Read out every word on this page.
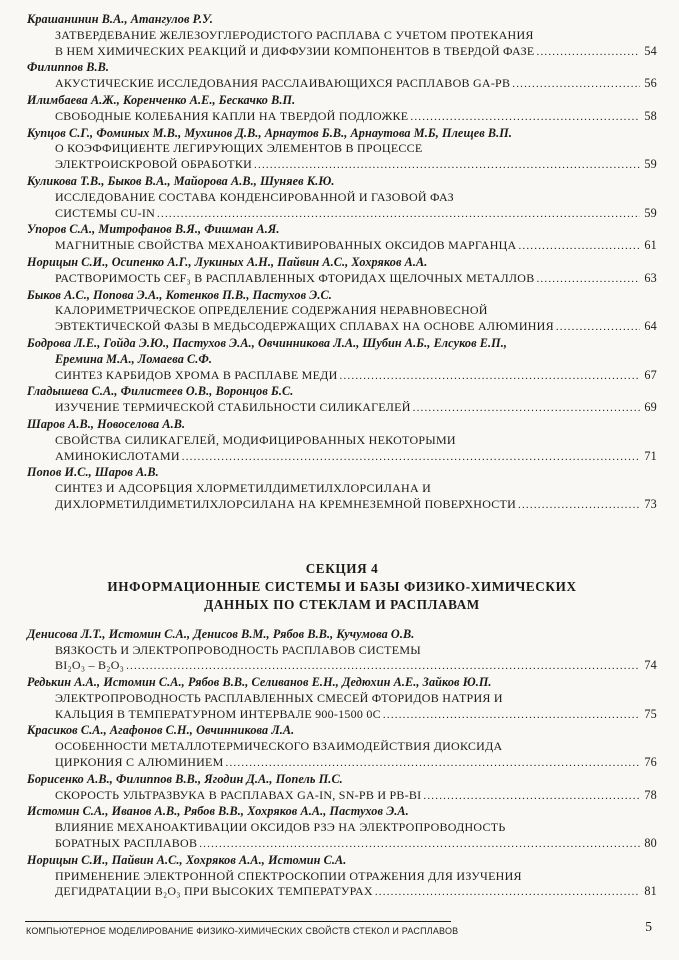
Крашанинин В.А., Атангулов Р.У.
ЗАТВЕРДЕВАНИЕ ЖЕЛЕЗОУГЛЕРОДИСТОГО РАСПЛАВА С УЧЕТОМ ПРОТЕКАНИЯ
В НЕМ ХИМИЧЕСКИХ РЕАКЦИЙ И ДИФФУЗИИ КОМПОНЕНТОВ В ТВЕРДОЙ ФАЗЕ .....	54
Филиппов В.В.
АКУСТИЧЕСКИЕ ИССЛЕДОВАНИЯ РАССЛАИВАЮЩИХСЯ РАСПЛАВОВ GA-PB .....	56
Илимбаева А.Ж., Коренченко А.Е., Бескачко В.П.
СВОБОДНЫЕ КОЛЕБАНИЯ КАПЛИ НА ТВЕРДОЙ ПОДЛОЖКЕ .....	58
Купцов С.Г., Фоминых М.В., Мухинов Д.В., Арнаутов Б.В., Арнаутова М.Б, Плещев В.П.
О КОЭФФИЦИЕНТЕ ЛЕГИРУЮЩИХ ЭЛЕМЕНТОВ В ПРОЦЕССЕ
ЭЛЕКТРОИСКРОВОЙ ОБРАБОТКИ .....	59
Куликова Т.В., Быков В.А., Майорова А.В., Шуняев К.Ю.
ИССЛЕДОВАНИЕ СОСТАВА КОНДЕНСИРОВАННОЙ И ГАЗОВОЙ ФАЗ
СИСТЕМЫ CU-IN .....	59
Упоров С.А., Митрофанов В.Я., Фишман А.Я.
МАГНИТНЫЕ СВОЙСТВА МЕХАНОАКТИВИРОВАННЫХ ОКСИДОВ МАРГАНЦА .....	61
Норицын С.И., Осипенко А.Г., Лукиных А.Н., Пайвин А.С., Хохряков А.А.
РАСТВОРИМОСТЬ CEF₃ В РАСПЛАВЛЕННЫХ ФТОРИДАХ ЩЕЛОЧНЫХ МЕТАЛЛОВ .....	63
Быков А.С., Попова Э.А., Котенков П.В., Пастухов Э.С.
КАЛОРИМЕТРИЧЕСКОЕ ОПРЕДЕЛЕНИЕ СОДЕРЖАНИЯ НЕРАВНОВЕСНОЙ
ЭВТЕКТИЧЕСКОЙ ФАЗЫ В МЕДЬСОДЕРЖАЩИХ СПЛАВАХ НА ОСНОВЕ АЛЮМИНИЯ .....	64
Бодрова Л.Е., Гойда Э.Ю., Пастухов Э.А., Овчинникова Л.А., Шубин А.Б., Елсуков Е.П.,
Еремина М.А., Ломаева С.Ф.
СИНТЕЗ КАРБИДОВ ХРОМА В РАСПЛАВЕ МЕДИ .....	67
Гладышева С.А., Филистеев О.В., Воронцов Б.С.
ИЗУЧЕНИЕ ТЕРМИЧЕСКОЙ СТАБИЛЬНОСТИ СИЛИКАГЕЛЕЙ .....	69
Шаров А.В., Новоселова А.В.
СВОЙСТВА СИЛИКАГЕЛЕЙ, МОДИФИЦИРОВАННЫХ НЕКОТОРЫМИ
АМИНОКИСЛОТАМИ .....	71
Попов И.С., Шаров А.В.
СИНТЕЗ И АДСОРБЦИЯ ХЛОРМЕТИЛДИМЕТИЛХЛОРСИЛАНА И
ДИХЛОРМЕТИЛДИМЕТИЛХЛОРСИЛАНА НА КРЕМНЕЗЕМНОЙ ПОВЕРХНОСТИ .....	73
СЕКЦИЯ 4
ИНФОРМАЦИОННЫЕ СИСТЕМЫ И БАЗЫ ФИЗИКО-ХИМИЧЕСКИХ
ДАННЫХ ПО СТЕКЛАМ И РАСПЛАВАМ
Денисова Л.Т., Истомин С.А., Денисов В.М., Рябов В.В., Кучумова О.В.
ВЯЗКОСТЬ И ЭЛЕКТРОПРОВОДНОСТЬ РАСПЛАВОВ СИСТЕМЫ
BI₂O₃ – B₂O₃ .....	74
Редькин А.А., Истомин С.А., Рябов В.В., Селиванов Е.Н., Дедюхин А.Е., Зайков Ю.П.
ЭЛЕКТРОПРОВОДНОСТЬ РАСПЛАВЛЕННЫХ СМЕСЕЙ ФТОРИДОВ НАТРИЯ И
КАЛЬЦИЯ В ТЕМПЕРАТУРНОМ ИНТЕРВАЛЕ 900-1500 0С .....	75
Красиков С.А., Агафонов С.Н., Овчинникова Л.А.
ОСОБЕННОСТИ МЕТАЛЛОТЕРМИЧЕСКОГО ВЗАИМОДЕЙСТВИЯ ДИОКСИДА
ЦИРКОНИЯ С АЛЮМИНИЕМ .....	76
Борисенко А.В., Филиппов В.В., Ягодин Д.А., Попель П.С.
СКОРОСТЬ УЛЬТРАЗВУКА В РАСПЛАВАХ GA-IN, SN-PB И PB-BI .....	78
Истомин С.А., Иванов А.В., Рябов В.В., Хохряков А.А., Пастухов Э.А.
ВЛИЯНИЕ МЕХАНОАКТИВАЦИИ ОКСИДОВ РЗЭ НА ЭЛЕКТРОПРОВОДНОСТЬ
БОРАТНЫХ РАСПЛАВОВ .....	80
Норицын С.И., Пайвин А.С., Хохряков А.А., Истомин С.А.
ПРИМЕНЕНИЕ ЭЛЕКТРОННОЙ СПЕКТРОСКОПИИ ОТРАЖЕНИЯ ДЛЯ ИЗУЧЕНИЯ
ДЕГИДРАТАЦИИ B₂O₃ ПРИ ВЫСОКИХ ТЕМПЕРАТУРАХ .....	81
КОМПЬЮТЕРНОЕ МОДЕЛИРОВАНИЕ ФИЗИКО-ХИМИЧЕСКИХ СВОЙСТВ СТЕКОЛ И РАСПЛАВОВ	5
